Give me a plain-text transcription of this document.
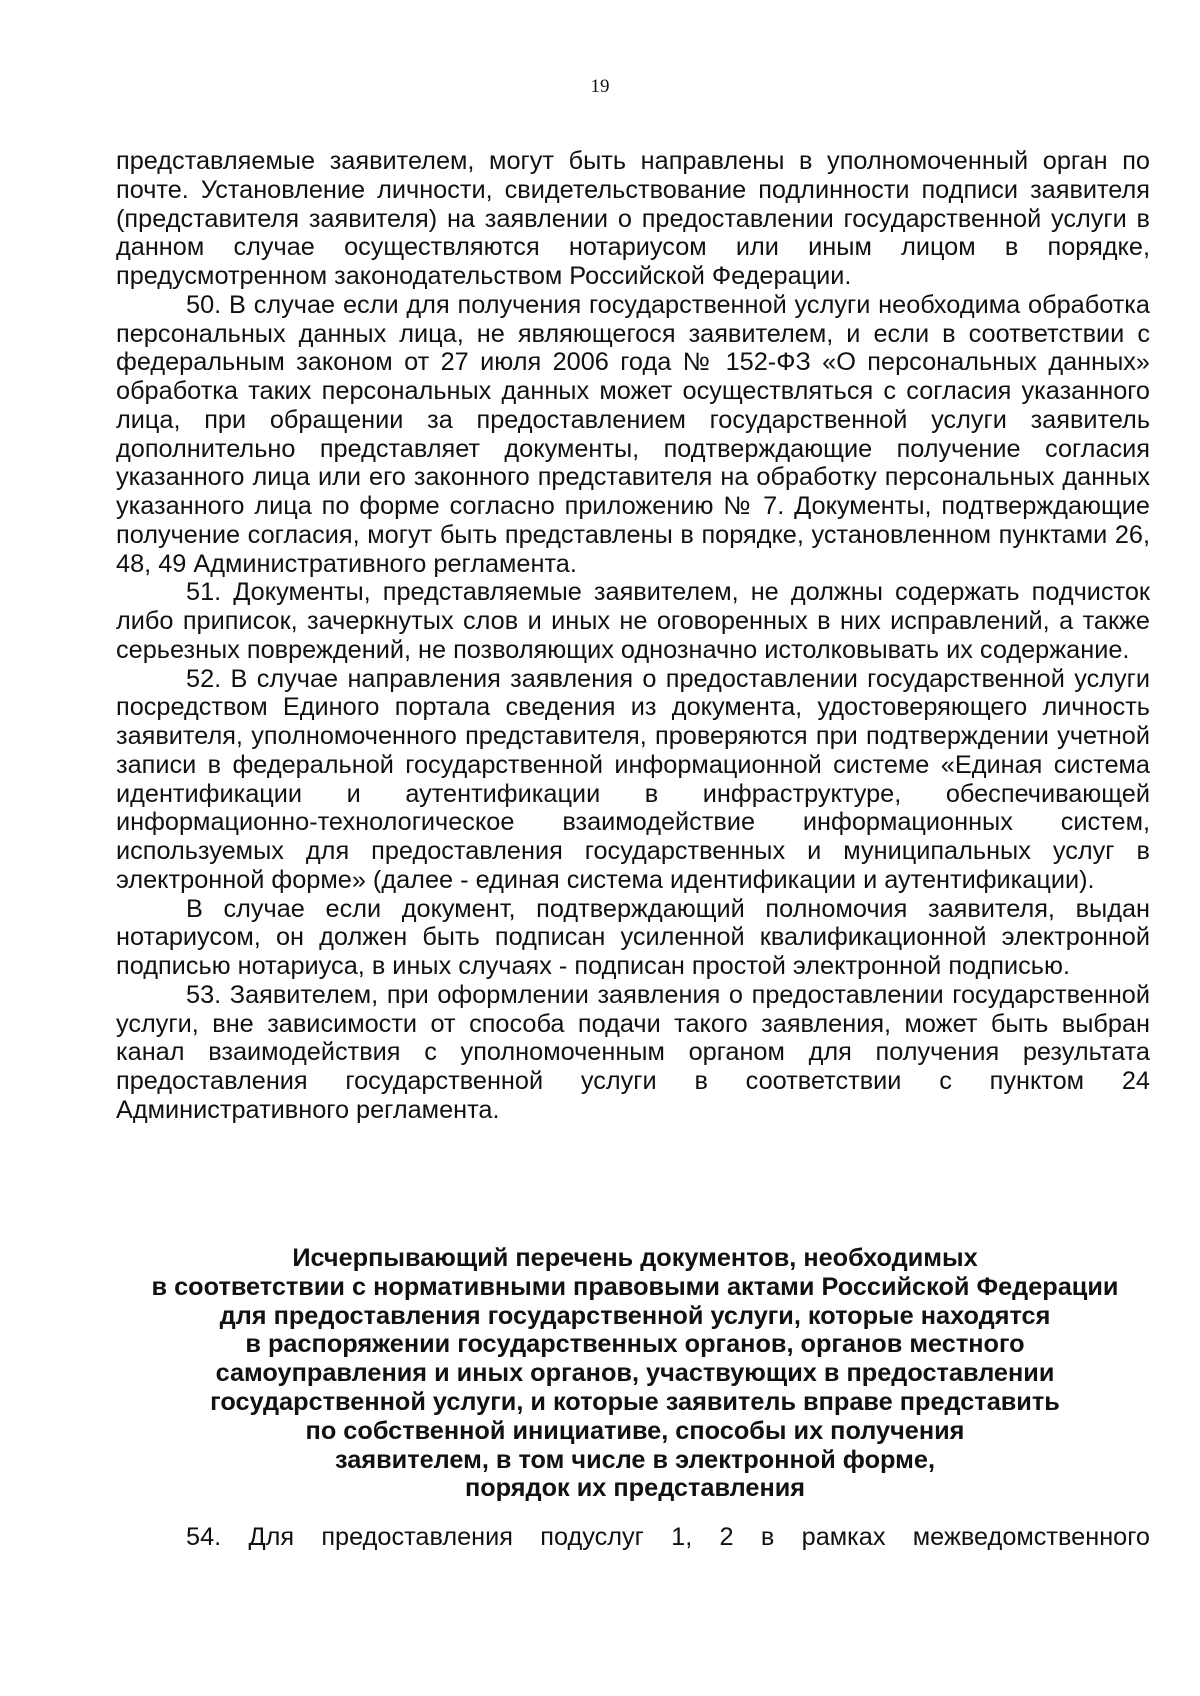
19

представляемые заявителем, могут быть направлены в уполномоченный орган по почте. Установление личности, свидетельствование подлинности подписи заявителя (представителя заявителя) на заявлении о предоставлении государственной услуги в данном случае осуществляются нотариусом или иным лицом в порядке, предусмотренном законодательством Российской Федерации.

50. В случае если для получения государственной услуги необходима обработка персональных данных лица, не являющегося заявителем, и если в соответствии с федеральным законом от 27 июля 2006 года № 152-ФЗ «О персональных данных» обработка таких персональных данных может осуществляться с согласия указанного лица, при обращении за предоставлением государственной услуги заявитель дополнительно представляет документы, подтверждающие получение согласия указанного лица или его законного представителя на обработку персональных данных указанного лица по форме согласно приложению № 7. Документы, подтверждающие получение согласия, могут быть представлены в порядке, установленном пунктами 26, 48, 49 Административного регламента.

51. Документы, представляемые заявителем, не должны содержать подчисток либо приписок, зачеркнутых слов и иных не оговоренных в них исправлений, а также серьезных повреждений, не позволяющих однозначно истолковывать их содержание.

52. В случае направления заявления о предоставлении государственной услуги посредством Единого портала сведения из документа, удостоверяющего личность заявителя, уполномоченного представителя, проверяются при подтверждении учетной записи в федеральной государственной информационной системе «Единая система идентификации и аутентификации в инфраструктуре, обеспечивающей информационно-технологическое взаимодействие информационных систем, используемых для предоставления государственных и муниципальных услуг в электронной форме» (далее - единая система идентификации и аутентификации).

В случае если документ, подтверждающий полномочия заявителя, выдан нотариусом, он должен быть подписан усиленной квалификационной электронной подписью нотариуса, в иных случаях - подписан простой электронной подписью.

53. Заявителем, при оформлении заявления о предоставлении государственной услуги, вне зависимости от способа подачи такого заявления, может быть выбран канал взаимодействия с уполномоченным органом для получения результата предоставления государственной услуги в соответствии с пунктом 24 Административного регламента.

Исчерпывающий перечень документов, необходимых
в соответствии с нормативными правовыми актами Российской Федерации
для предоставления государственной услуги, которые находятся
в распоряжении государственных органов, органов местного
самоуправления и иных органов, участвующих в предоставлении
государственной услуги, и которые заявитель вправе представить
по собственной инициативе, способы их получения
заявителем, в том числе в электронной форме,
порядок их представления

54. Для предоставления подуслуг 1, 2 в рамках межведомственного
